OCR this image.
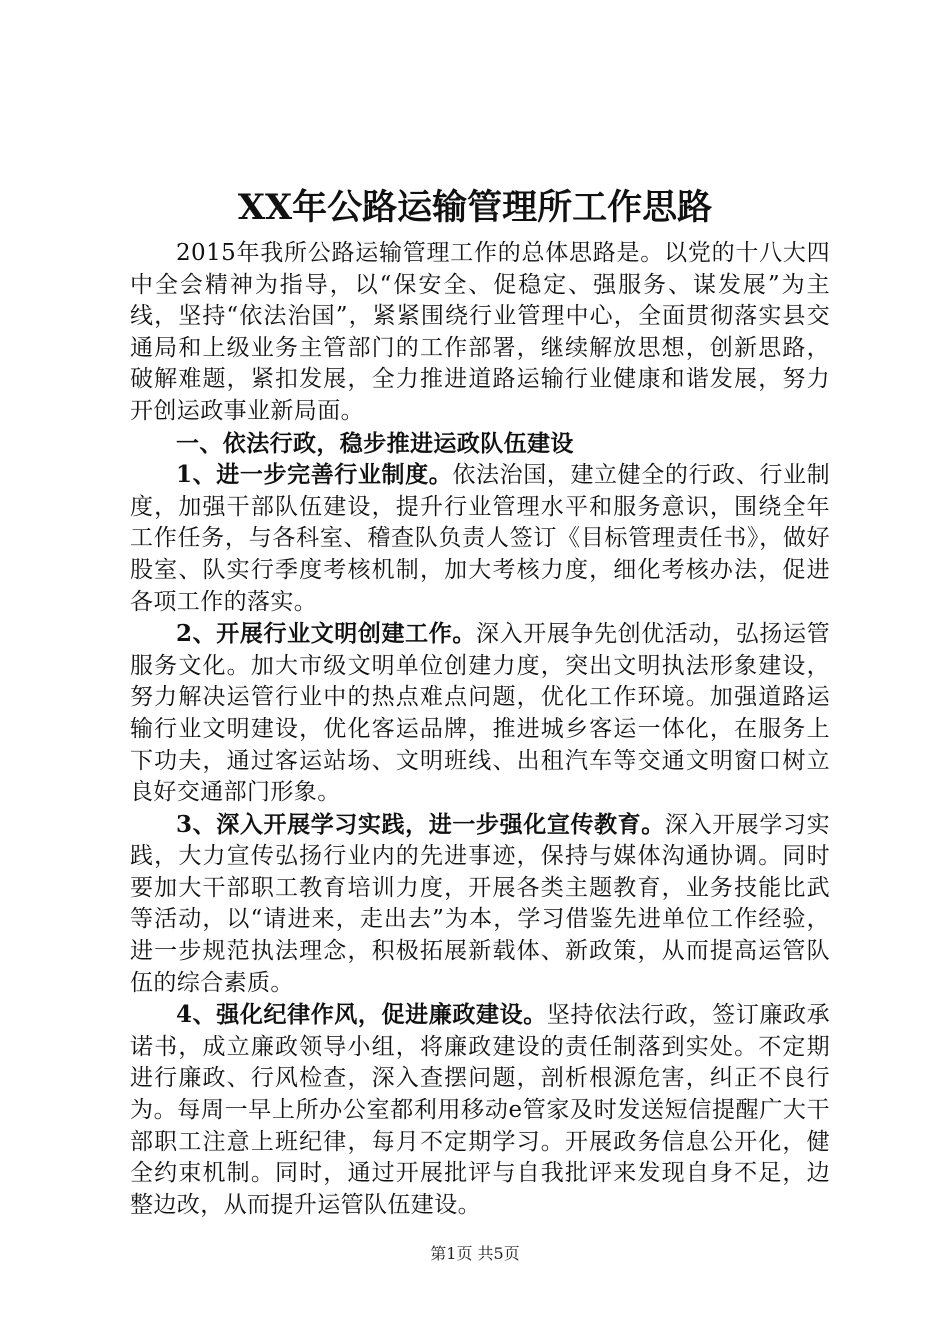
XX年公路运输管理所工作思路

2015年我所公路运输管理工作的总体思路是。以党的十八大四中全会精神为指导，以“保安全、促稳定、强服务、谋发展”为主线，坚持“依法治国”，紧紧围绕行业管理中心，全面贯彻落实县交通局和上级业务主管部门的工作部署，继续解放思想，创新思路，破解难题，紧扣发展，全力推进道路运输行业健康和谐发展，努力开创运政事业新局面。

一、依法行政，稳步推进运政队伍建设

1、进一步完善行业制度。依法治国，建立健全的行政、行业制度，加强干部队伍建设，提升行业管理水平和服务意识，围绕全年工作任务，与各科室、稽查队负责人签订《目标管理责任书》，做好股室、队实行季度考核机制，加大考核力度，细化考核办法，促进各项工作的落实。

2、开展行业文明创建工作。深入开展争先创优活动，弘扬运管服务文化。加大市级文明单位创建力度，突出文明执法形象建设，努力解决运管行业中的热点难点问题，优化工作环境。加强道路运输行业文明建设，优化客运品牌，推进城乡客运一体化，在服务上下功夫，通过客运站场、文明班线、出租汽车等交通文明窗口树立良好交通部门形象。

3、深入开展学习实践，进一步强化宣传教育。深入开展学习实践，大力宣传弘扬行业内的先进事迹，保持与媒体沟通协调。同时要加大干部职工教育培训力度，开展各类主题教育，业务技能比武等活动，以“请进来，走出去”为本，学习借鉴先进单位工作经验，进一步规范执法理念，积极拓展新载体、新政策，从而提高运管队伍的综合素质。

4、强化纪律作风，促进廉政建设。坚持依法行政，签订廉政承诺书，成立廉政领导小组，将廉政建设的责任制落到实处。不定期进行廉政、行风检查，深入查摆问题，剖析根源危害，纠正不良行为。每周一早上所办公室都利用移动e管家及时发送短信提醒广大干部职工注意上班纪律，每月不定期学习。开展政务信息公开化，健全约束机制。同时，通过开展批评与自我批评来发现自身不足，边整边改，从而提升运管队伍建设。

第1页 共5页
